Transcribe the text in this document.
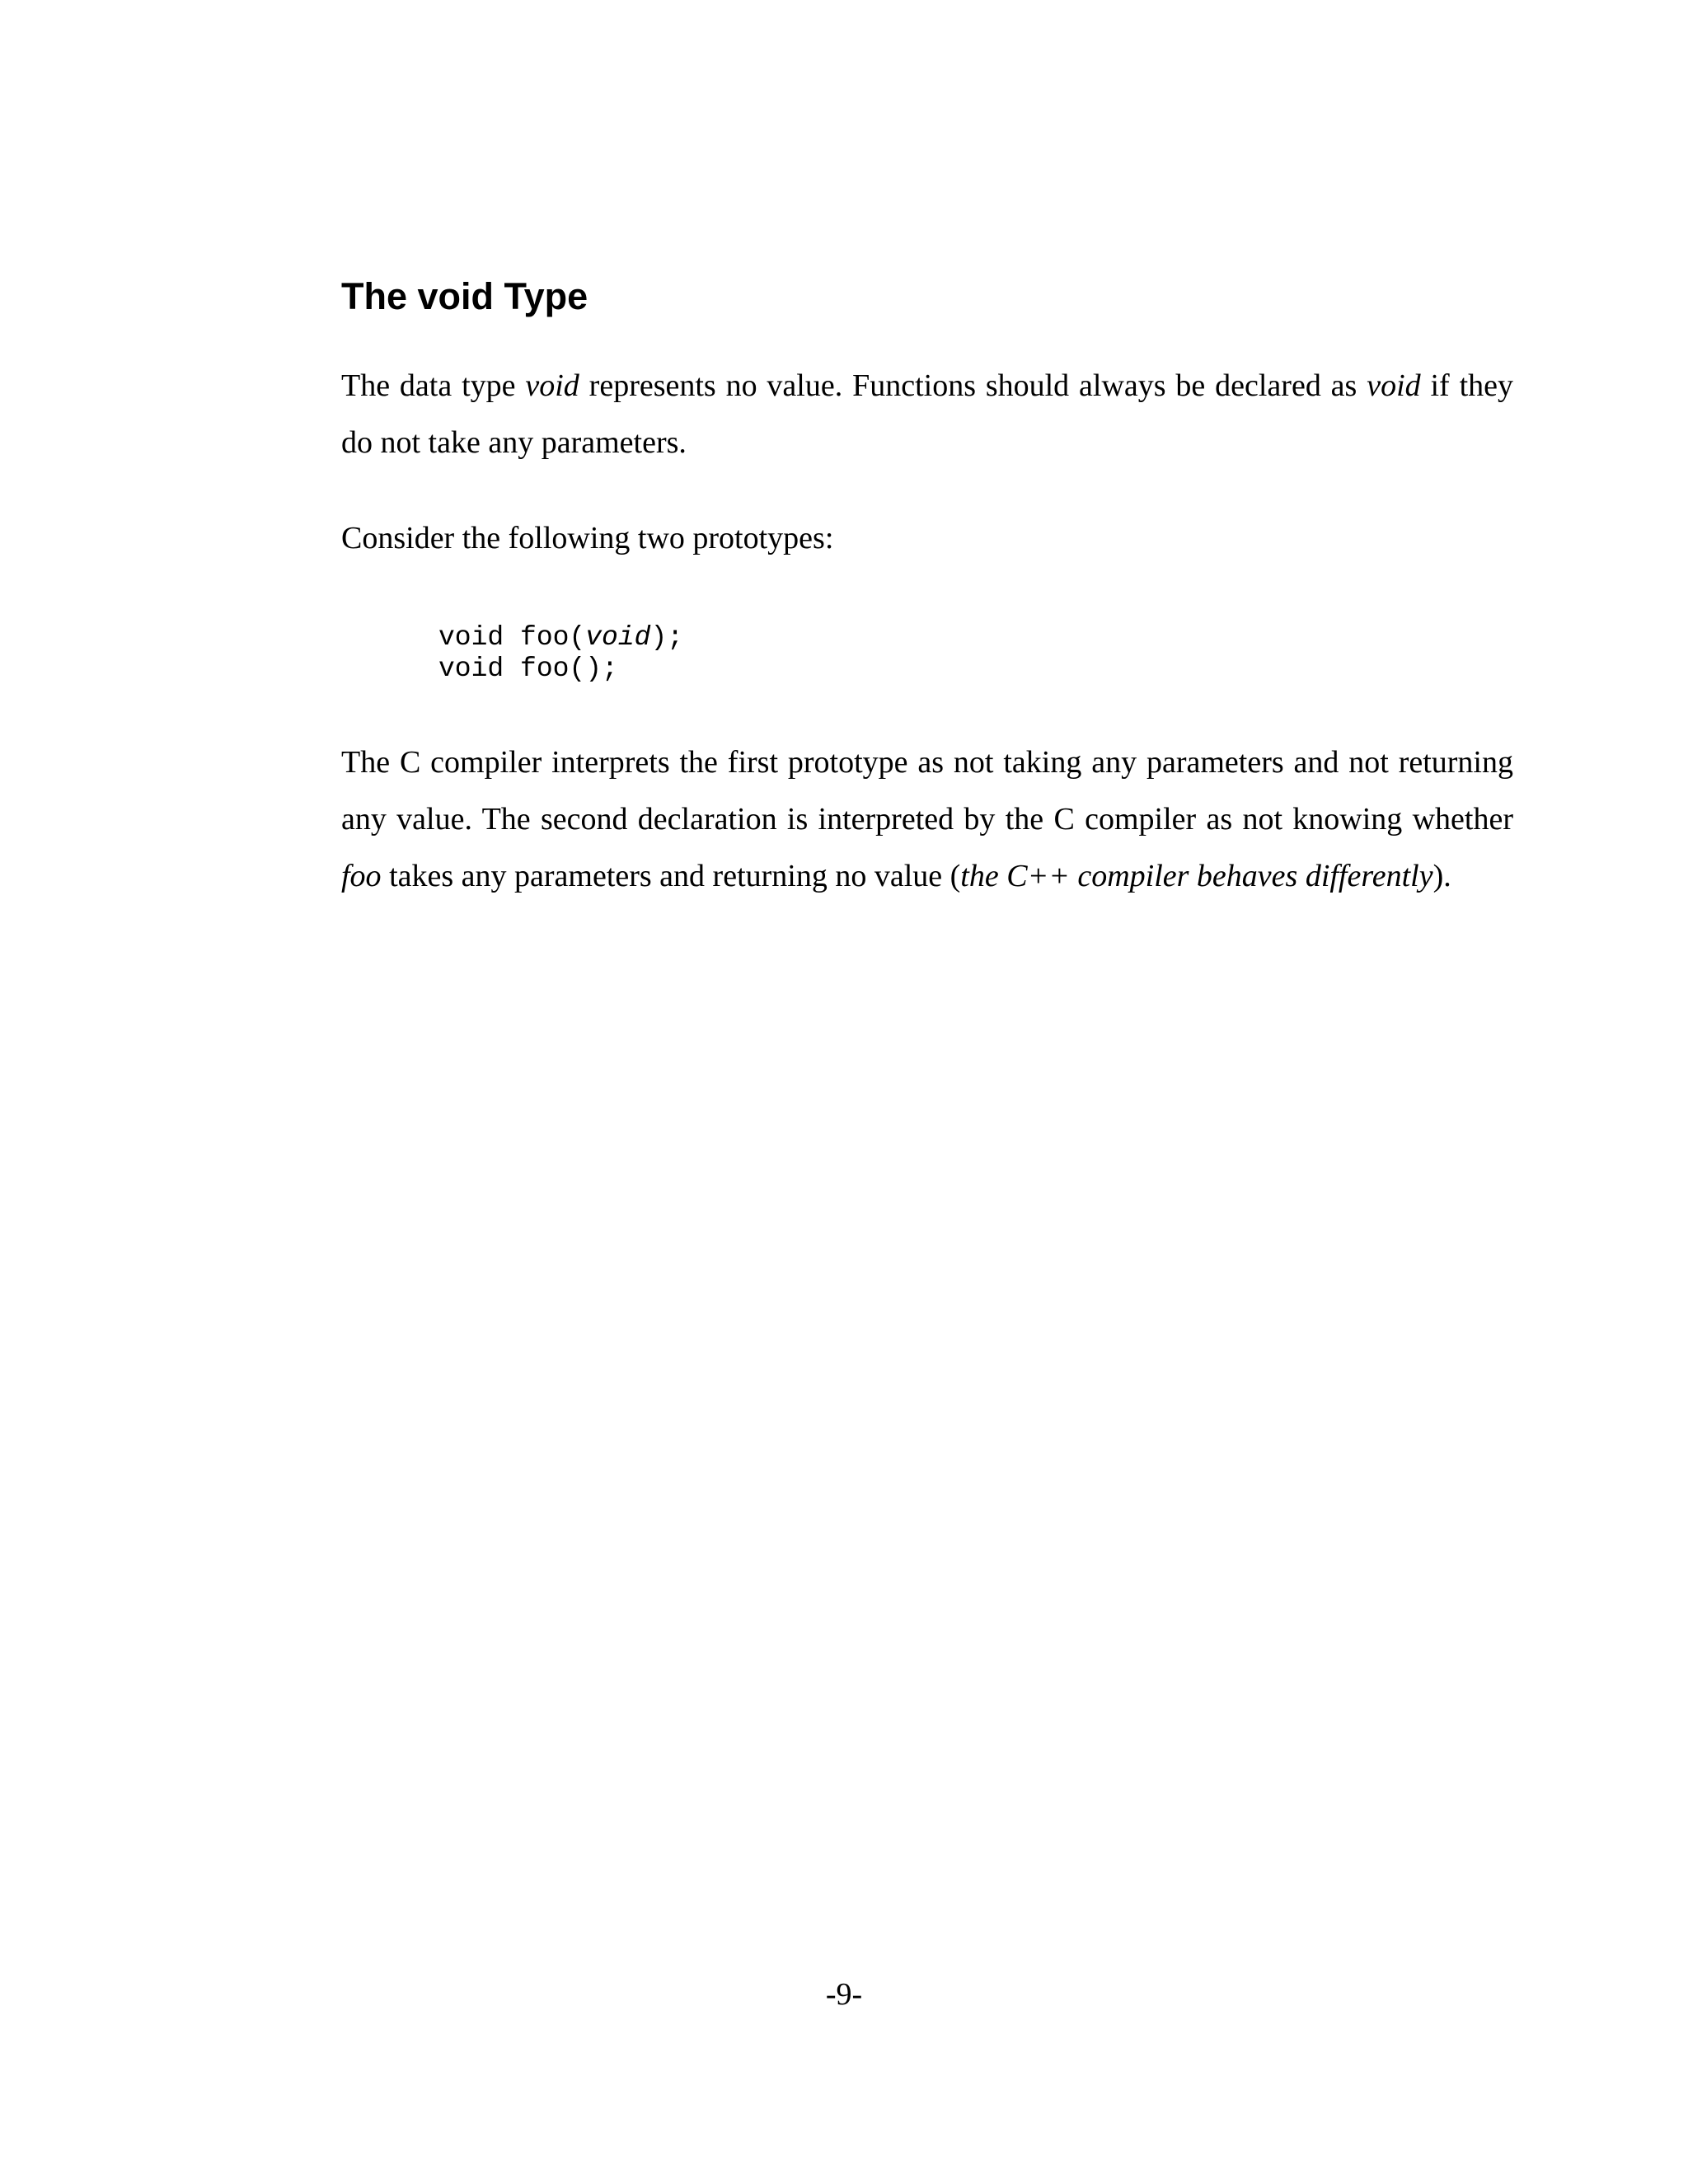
The void Type

The data type void represents no value. Functions should always be declared as void if they do not take any parameters.

Consider the following two prototypes:

void foo(void);
void foo();

The C compiler interprets the first prototype as not taking any parameters and not returning any value. The second declaration is interpreted by the C compiler as not knowing whether foo takes any parameters and returning no value (the C++ compiler behaves differently).

-9-
